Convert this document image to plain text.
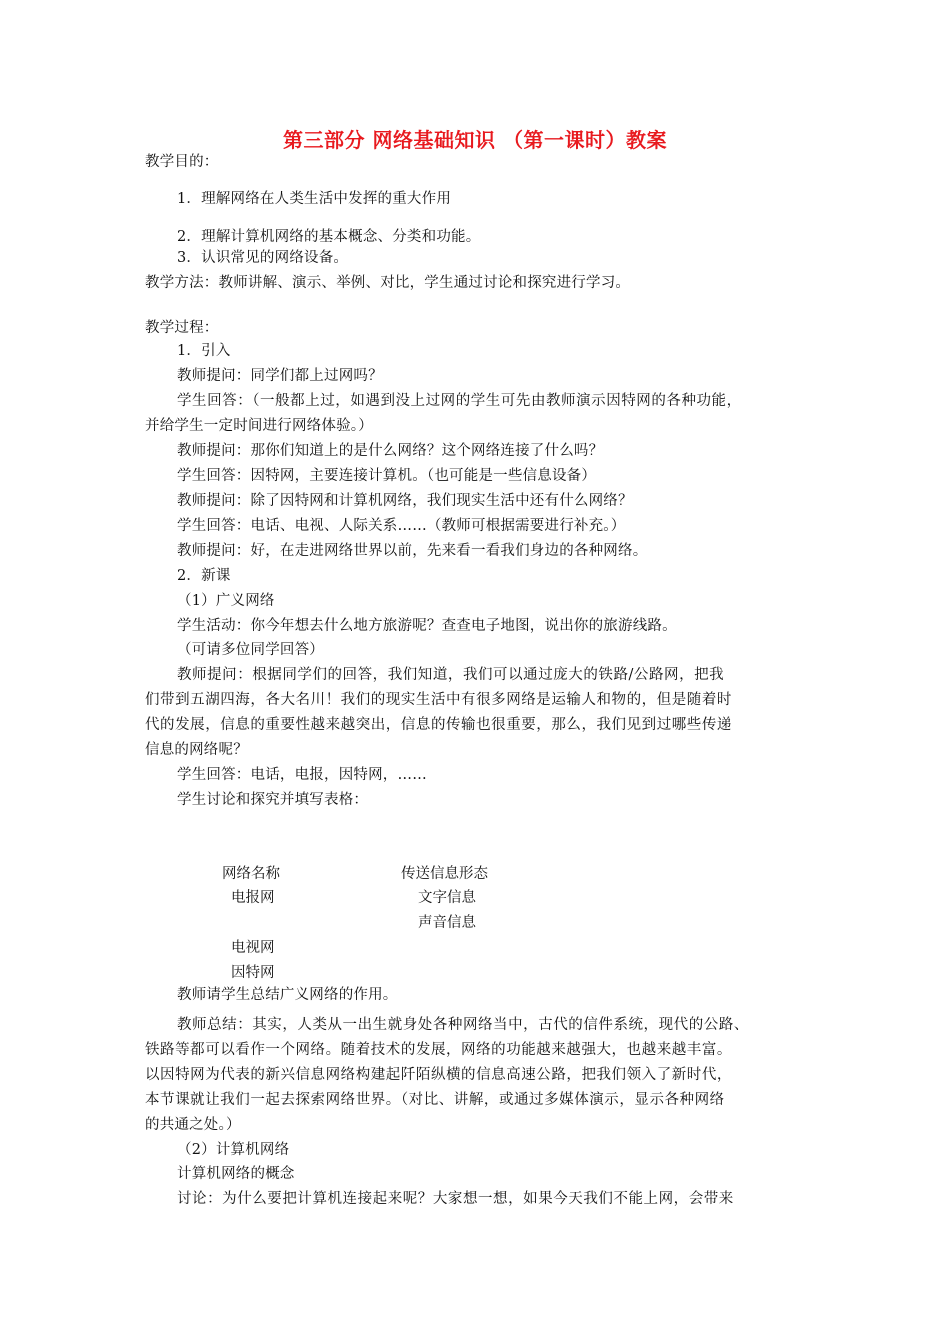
第三部分 网络基础知识 （第一课时）教案
教学目的：
1．理解网络在人类生活中发挥的重大作用
2．理解计算机网络的基本概念、分类和功能。
3．认识常见的网络设备。
教学方法：教师讲解、演示、举例、对比，学生通过讨论和探究进行学习。
教学过程：
1．引入
教师提问：同学们都上过网吗？
学生回答：（一般都上过，如遇到没上过网的学生可先由教师演示因特网的各种功能，
并给学生一定时间进行网络体验。）
教师提问：那你们知道上的是什么网络？这个网络连接了什么吗？
学生回答：因特网，主要连接计算机。（也可能是一些信息设备）
教师提问：除了因特网和计算机网络，我们现实生活中还有什么网络？
学生回答：电话、电视、人际关系……（教师可根据需要进行补充。）
教师提问：好，在走进网络世界以前，先来看一看我们身边的各种网络。
2．新课
（1）广义网络
学生活动：你今年想去什么地方旅游呢？查查电子地图，说出你的旅游线路。
（可请多位同学回答）
教师提问：根据同学们的回答，我们知道，我们可以通过庞大的铁路/公路网，把我
们带到五湖四海，各大名川！我们的现实生活中有很多网络是运输人和物的，但是随着时
代的发展，信息的重要性越来越突出，信息的传输也很重要，那么，我们见到过哪些传递
信息的网络呢？
学生回答：电话，电报，因特网，……
学生讨论和探究并填写表格：
网络名称	传送信息形态
电报网	文字信息
声音信息
电视网
因特网
教师请学生总结广义网络的作用。
教师总结：其实，人类从一出生就身处各种网络当中，古代的信件系统，现代的公路、
铁路等都可以看作一个网络。随着技术的发展，网络的功能越来越强大，也越来越丰富。
以因特网为代表的新兴信息网络构建起阡陌纵横的信息高速公路，把我们领入了新时代，
本节课就让我们一起去探索网络世界。（对比、讲解，或通过多媒体演示，显示各种网络
的共通之处。）
（2）计算机网络
计算机网络的概念
讨论：为什么要把计算机连接起来呢？大家想一想，如果今天我们不能上网，会带来
